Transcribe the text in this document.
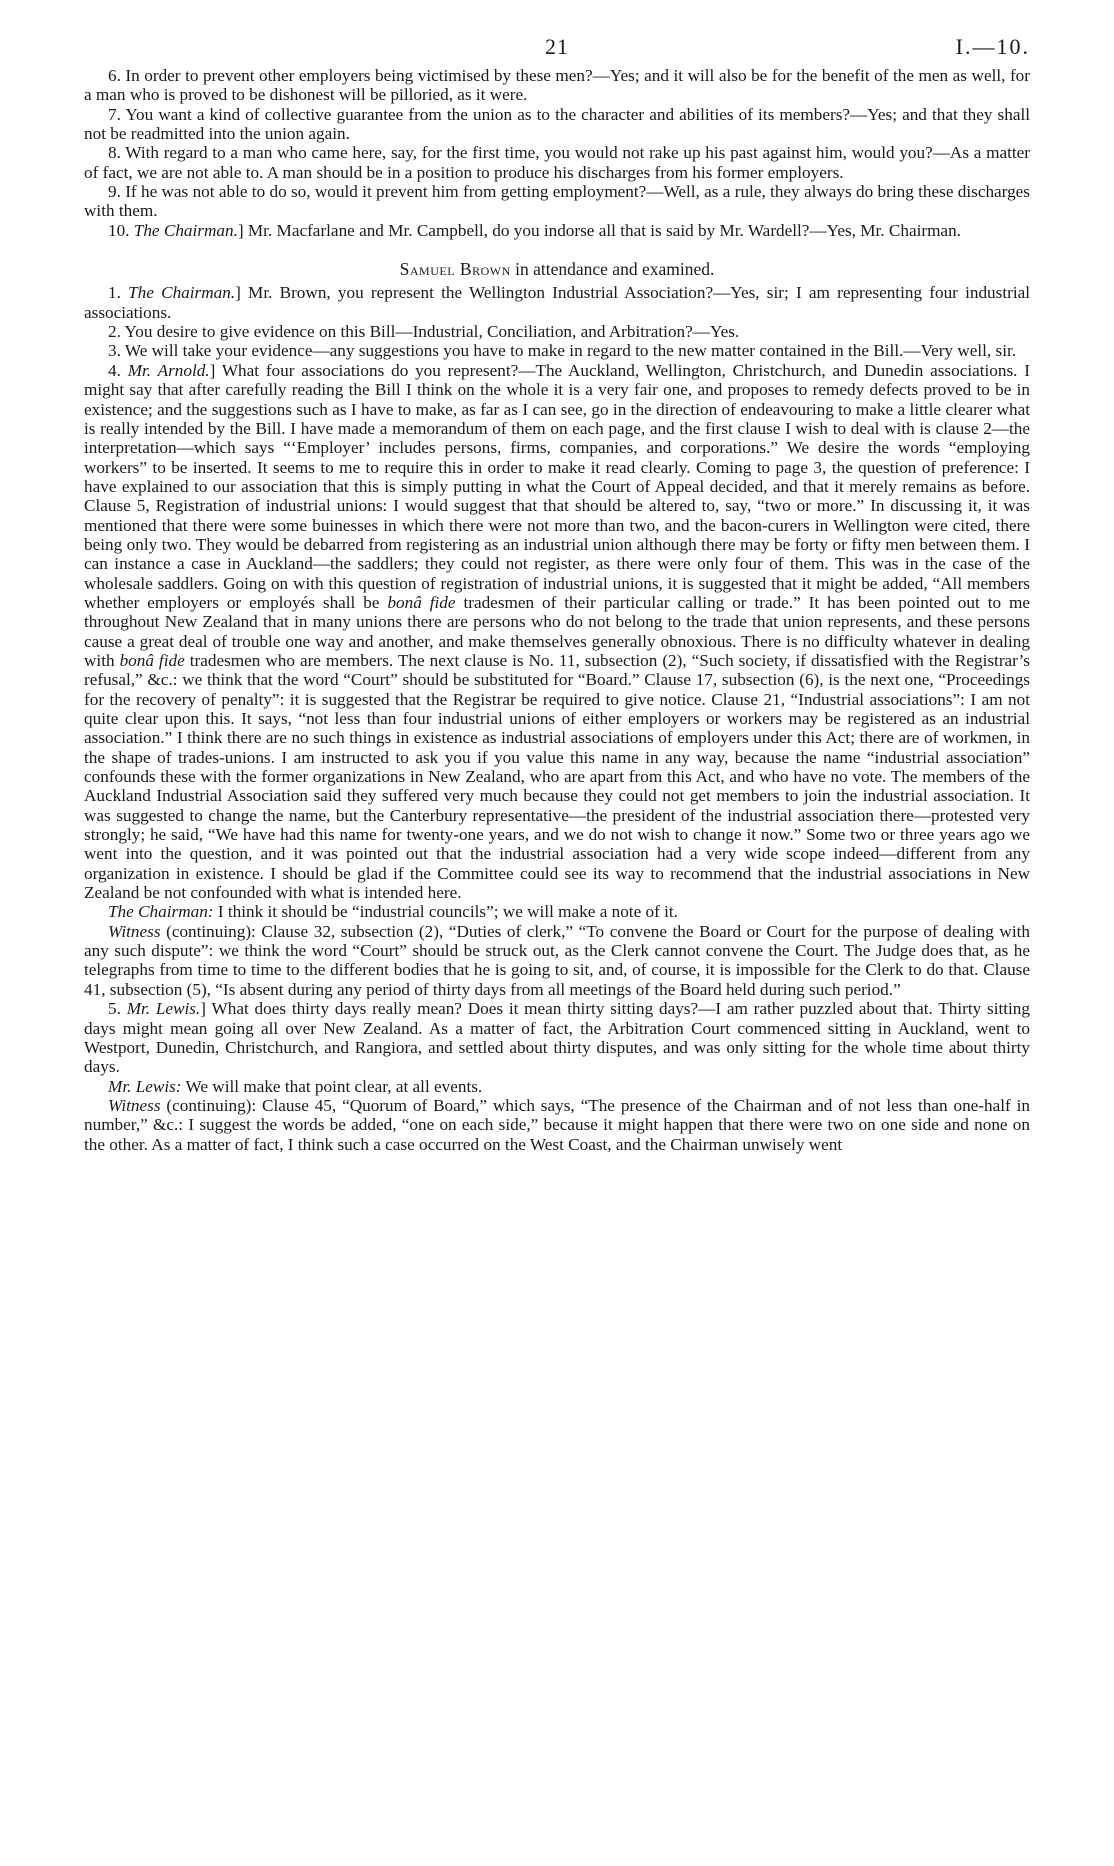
21	I.—10.

6. In order to prevent other employers being victimised by these men?—Yes; and it will also be for the benefit of the men as well, for a man who is proved to be dishonest will be pilloried, as it were.

7. You want a kind of collective guarantee from the union as to the character and abilities of its members?—Yes; and that they shall not be readmitted into the union again.

8. With regard to a man who came here, say, for the first time, you would not rake up his past against him, would you?—As a matter of fact, we are not able to. A man should be in a position to produce his discharges from his former employers.

9. If he was not able to do so, would it prevent him from getting employment?—Well, as a rule, they always do bring these discharges with them.

10. The Chairman.] Mr. Macfarlane and Mr. Campbell, do you indorse all that is said by Mr. Wardell?—Yes, Mr. Chairman.

Samuel Brown in attendance and examined.

1. The Chairman.] Mr. Brown, you represent the Wellington Industrial Association?—Yes, sir; I am representing four industrial associations.

2. You desire to give evidence on this Bill—Industrial, Conciliation, and Arbitration?—Yes.

3. We will take your evidence—any suggestions you have to make in regard to the new matter contained in the Bill.—Very well, sir.

4. Mr. Arnold.] What four associations do you represent?—The Auckland, Wellington, Christchurch, and Dunedin associations. I might say that after carefully reading the Bill I think on the whole it is a very fair one, and proposes to remedy defects proved to be in existence; and the suggestions such as I have to make, as far as I can see, go in the direction of endeavouring to make a little clearer what is really intended by the Bill. I have made a memorandum of them on each page, and the first clause I wish to deal with is clause 2—the interpretation—which says “‘Employer’ includes persons, firms, companies, and corporations.” We desire the words “employing workers” to be inserted. It seems to me to require this in order to make it read clearly. Coming to page 3, the question of preference: I have explained to our association that this is simply putting in what the Court of Appeal decided, and that it merely remains as before. Clause 5, Registration of industrial unions: I would suggest that that should be altered to, say, “two or more.” In discussing it, it was mentioned that there were some buinesses in which there were not more than two, and the bacon-curers in Wellington were cited, there being only two. They would be debarred from registering as an industrial union although there may be forty or fifty men between them. I can instance a case in Auckland—the saddlers; they could not register, as there were only four of them. This was in the case of the wholesale saddlers. Going on with this question of registration of industrial unions, it is suggested that it might be added, “All members whether employers or employés shall be bonâ fide tradesmen of their particular calling or trade.” It has been pointed out to me throughout New Zealand that in many unions there are persons who do not belong to the trade that union represents, and these persons cause a great deal of trouble one way and another, and make themselves generally obnoxious. There is no difficulty whatever in dealing with bonâ fide tradesmen who are members. The next clause is No. 11, subsection (2), “Such society, if dissatisfied with the Registrar’s refusal,” &c.: we think that the word “Court” should be substituted for “Board.” Clause 17, subsection (6), is the next one, “Proceedings for the recovery of penalty”: it is suggested that the Registrar be required to give notice. Clause 21, “Industrial associations”: I am not quite clear upon this. It says, “not less than four industrial unions of either employers or workers may be registered as an industrial association.” I think there are no such things in existence as industrial associations of employers under this Act; there are of workmen, in the shape of trades-unions. I am instructed to ask you if you value this name in any way, because the name “industrial association” confounds these with the former organizations in New Zealand, who are apart from this Act, and who have no vote. The members of the Auckland Industrial Association said they suffered very much because they could not get members to join the industrial association. It was suggested to change the name, but the Canterbury representative—the president of the industrial association there—protested very strongly; he said, “We have had this name for twenty-one years, and we do not wish to change it now.” Some two or three years ago we went into the question, and it was pointed out that the industrial association had a very wide scope indeed—different from any organization in existence. I should be glad if the Committee could see its way to recommend that the industrial associations in New Zealand be not confounded with what is intended here.

The Chairman: I think it should be “industrial councils”; we will make a note of it.

Witness (continuing): Clause 32, subsection (2), “Duties of clerk,” “To convene the Board or Court for the purpose of dealing with any such dispute”: we think the word “Court” should be struck out, as the Clerk cannot convene the Court. The Judge does that, as he telegraphs from time to time to the different bodies that he is going to sit, and, of course, it is impossible for the Clerk to do that. Clause 41, subsection (5), “Is absent during any period of thirty days from all meetings of the Board held during such period.”

5. Mr. Lewis.] What does thirty days really mean? Does it mean thirty sitting days?—I am rather puzzled about that. Thirty sitting days might mean going all over New Zealand. As a matter of fact, the Arbitration Court commenced sitting in Auckland, went to Westport, Dunedin, Christchurch, and Rangiora, and settled about thirty disputes, and was only sitting for the whole time about thirty days.

Mr. Lewis: We will make that point clear, at all events.

Witness (continuing): Clause 45, “Quorum of Board,” which says, “The presence of the Chairman and of not less than one-half in number,” &c.: I suggest the words be added, “one on each side,” because it might happen that there were two on one side and none on the other. As a matter of fact, I think such a case occurred on the West Coast, and the Chairman unwisely went
